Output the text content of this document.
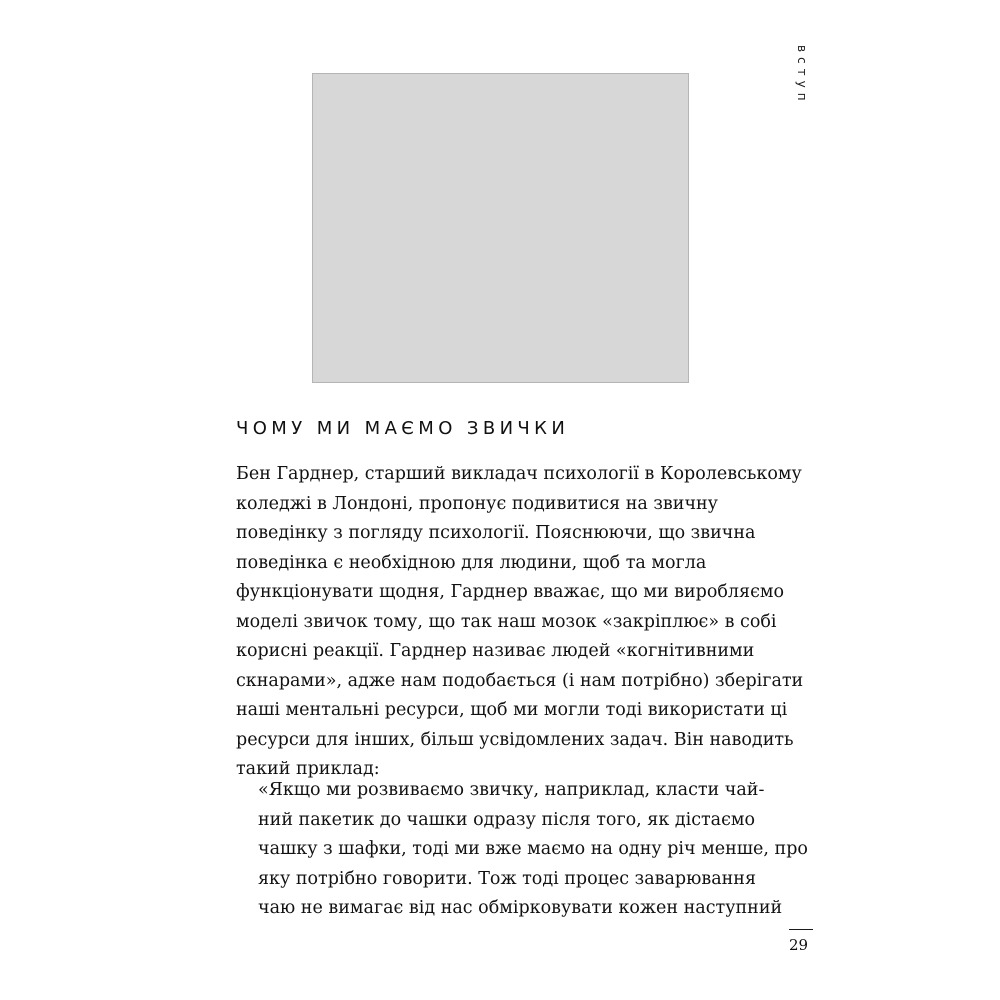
вступ
ЧОМУ МИ МАЄМО ЗВИЧКИ
Бен Гарднер, старший викладач психології в Королевському
коледжі в Лондоні, пропонує подивитися на звичну
поведінку з погляду психології. Пояснюючи, що звична
поведінка є необхідною для людини, щоб та могла
функціонувати щодня, Гарднер вважає, що ми виробляємо
моделі звичок тому, що так наш мозок «закріплює» в собі
корисні реакції. Гарднер називає людей «когнітивними
скнарами», адже нам подобається (і нам потрібно) зберігати
наші ментальні ресурси, щоб ми могли тоді використати ці
ресурси для інших, більш усвідомлених задач. Він наводить
такий приклад:
«Якщо ми розвиваємо звичку, наприклад, класти чай-
ний пакетик до чашки одразу після того, як дістаємо
чашку з шафки, тоді ми вже маємо на одну річ менше, про
яку потрібно говорити. Тож тоді процес заварювання
чаю не вимагає від нас обмірковувати кожен наступний
29
